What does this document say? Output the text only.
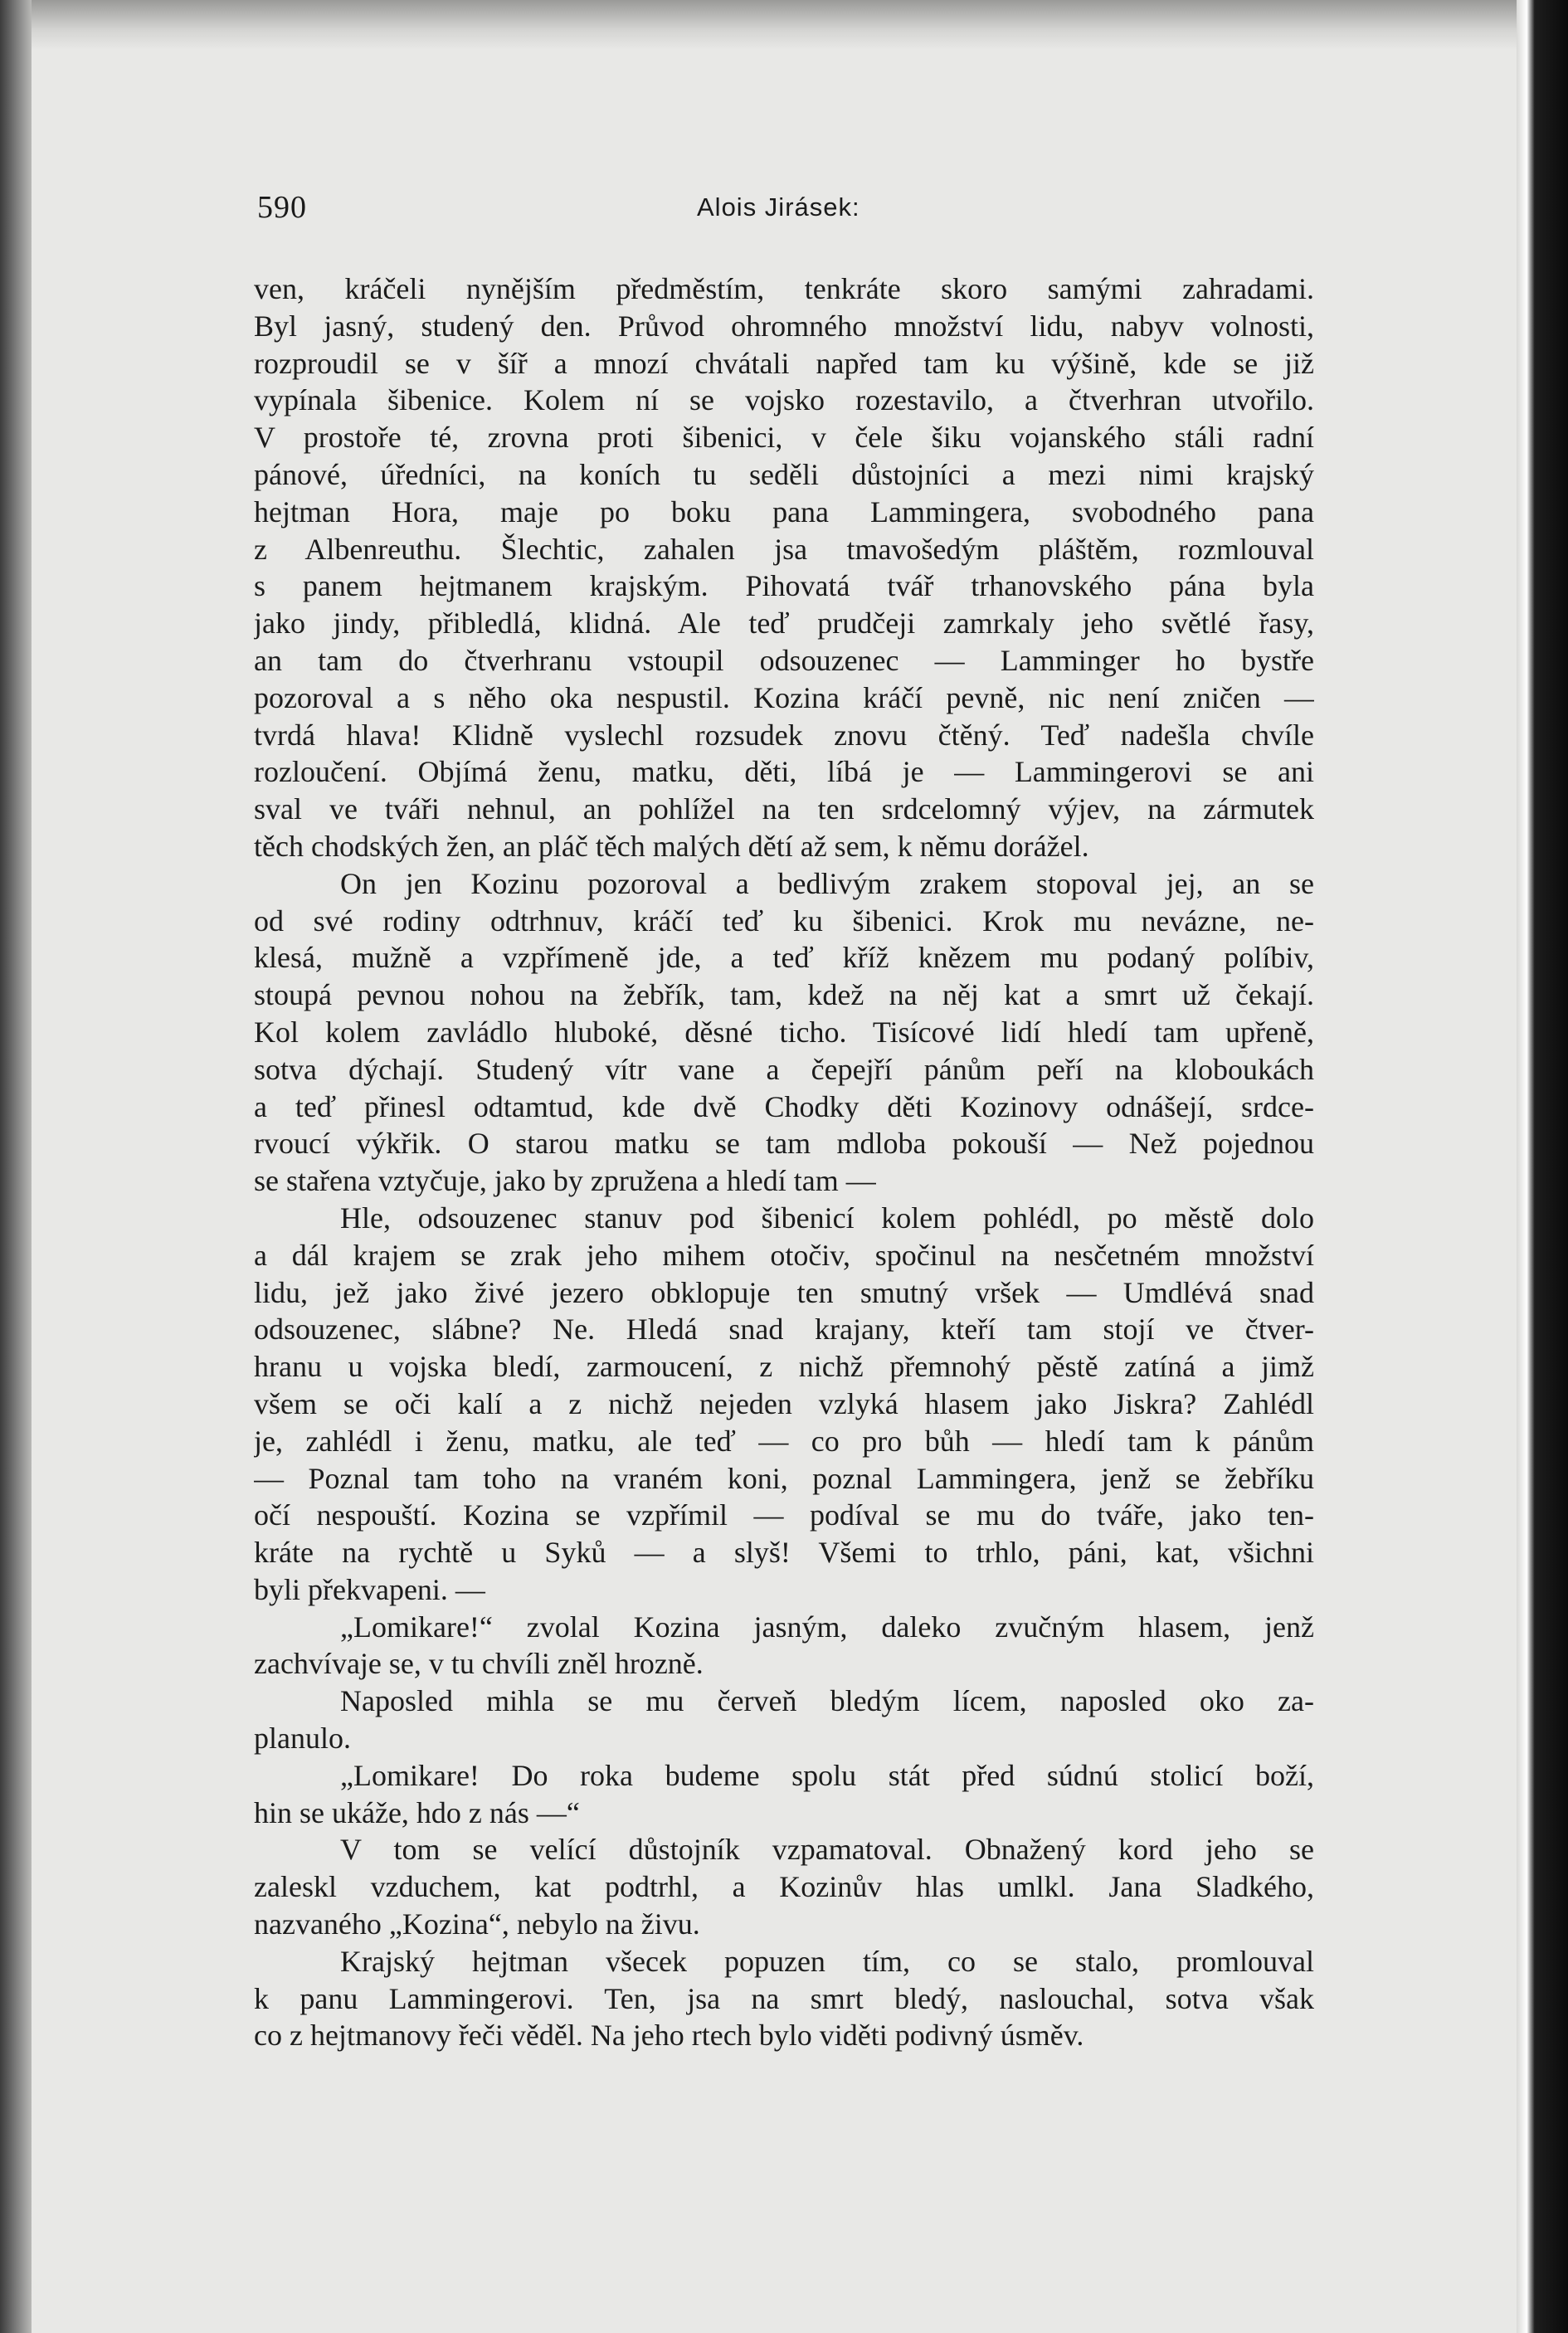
590	Alois Jirásek:
ven, kráčeli nynějším předměstím, tenkráte skoro samými zahradami.
Byl jasný, studený den. Průvod ohromného množství lidu, nabyv volnosti,
rozproudil se v šíř a mnozí chvátali napřed tam ku výšině, kde se již
vypínala šibenice. Kolem ní se vojsko rozestavilo, a čtverhran utvořilo.
V prostoře té, zrovna proti šibenici, v čele šiku vojanského stáli radní
pánové, úředníci, na koních tu seděli důstojníci a mezi nimi krajský
hejtman Hora, maje po boku pana Lammingera, svobodného pana
z Albenreuthu. Šlechtic, zahalen jsa tmavošedým pláštěm, rozmlouval
s panem hejtmanem krajským. Pihovatá tvář trhanovského pána byla
jako jindy, přibledlá, klidná. Ale teď prudčeji zamrkaly jeho světlé řasy,
an tam do čtverhranu vstoupil odsouzenec — Lamminger ho bystře
pozoroval a s něho oka nespustil. Kozina kráčí pevně, nic není zničen —
tvrdá hlava! Klidně vyslechl rozsudek znovu čtěný. Teď nadešla chvíle
rozloučení. Objímá ženu, matku, děti, líbá je — Lammingerovi se ani
sval ve tváři nehnul, an pohlížel na ten srdcelomný výjev, na zármutek
těch chodských žen, an pláč těch malých dětí až sem, k němu dorážel.
On jen Kozinu pozoroval a bedlivým zrakem stopoval jej, an se
od své rodiny odtrhnuv, kráčí teď ku šibenici. Krok mu nevázne, ne-
klesá, mužně a vzpřímeně jde, a teď kříž knězem mu podaný políbiv,
stoupá pevnou nohou na žebřík, tam, kdež na něj kat a smrt už čekají.
Kol kolem zavládlo hluboké, děsné ticho. Tisícové lidí hledí tam upřeně,
sotva dýchají. Studený vítr vane a čepejří pánům peří na kloboukách
a teď přinesl odtamtud, kde dvě Chodky děti Kozinovy odnášejí, srdce-
rvoucí výkřik. O starou matku se tam mdloba pokouší — Než pojednou
se stařena vztyčuje, jako by zpružena a hledí tam —
Hle, odsouzenec stanuv pod šibenicí kolem pohlédl, po městě dolo
a dál krajem se zrak jeho mihem otočiv, spočinul na nesčetném množství
lidu, jež jako živé jezero obklopuje ten smutný vršek — Umdlévá snad
odsouzenec, slábne? Ne. Hledá snad krajany, kteří tam stojí ve čtver-
hranu u vojska bledí, zarmoucení, z nichž přemnohý pěstě zatíná a jimž
všem se oči kalí a z nichž nejeden vzlyká hlasem jako Jiskra? Zahlédl
je, zahlédl i ženu, matku, ale teď — co pro bůh — hledí tam k pánům
— Poznal tam toho na vraném koni, poznal Lammingera, jenž se žebříku
očí nespouští. Kozina se vzpřímil — podíval se mu do tváře, jako ten-
kráte na rychtě u Syků — a slyš! Všemi to trhlo, páni, kat, všichni
byli překvapeni. —
„Lomikare!“ zvolal Kozina jasným, daleko zvučným hlasem, jenž
zachvívaje se, v tu chvíli zněl hrozně.
Naposled mihla se mu červeň bledým lícem, naposled oko za-
planulo.
„Lomikare! Do roka budeme spolu stát před súdnú stolicí boží,
hin se ukáže, hdo z nás —“
V tom se velící důstojník vzpamatoval. Obnažený kord jeho se
zaleskl vzduchem, kat podtrhl, a Kozinův hlas umlkl. Jana Sladkého,
nazvaného „Kozina“, nebylo na živu.
Krajský hejtman všecek popuzen tím, co se stalo, promlouval
k panu Lammingerovi. Ten, jsa na smrt bledý, naslouchal, sotva však
co z hejtmanovy řeči věděl. Na jeho rtech bylo viděti podivný úsměv.
